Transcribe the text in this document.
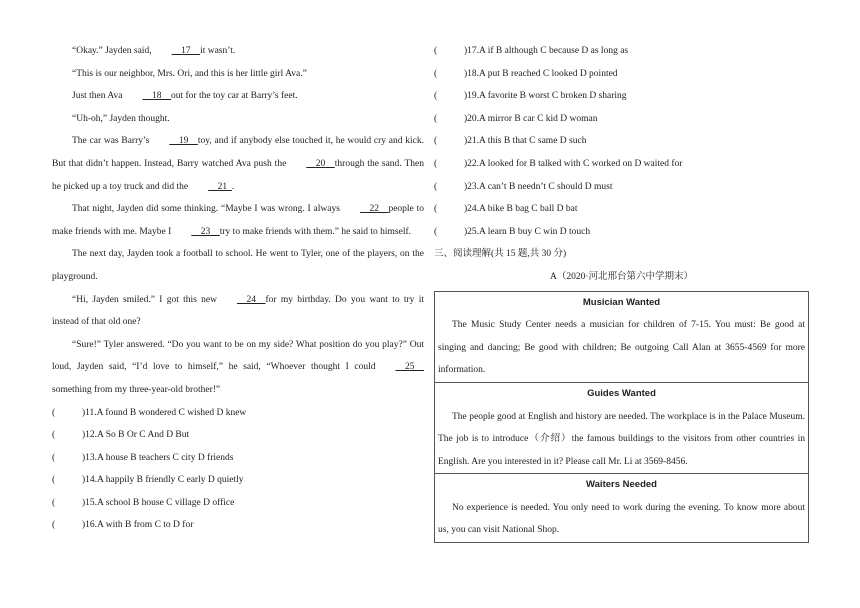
“Okay.” Jayden said,	17 it wasn’t.

“This is our neighbor, Mrs. Ori, and this is her little girl Ava.”

Just then Ava	18 out for the toy car at Barry’s feet.

“Uh-oh,” Jayden thought.

The car was Barry’s	19 toy, and if anybody else touched it, he would cry and kick. But that didn’t happen. Instead, Barry watched Ava push the	20 through the sand. Then he picked up a toy truck and did the	21 .

That night, Jayden did some thinking. “Maybe I was wrong. I always	22 people to make friends with me. Maybe I	23 try to make friends with them.” he said to himself.

The next day, Jayden took a football to school. He went to Tyler, one of the players, on the playground.

“Hi, Jayden smiled.” I got this new	24 for my birthday. Do you want to try it instead of that old one?

“Sure!” Tyler answered. “Do you want to be on my side? What position do you play?” Out loud, Jayden said, “I’d love to himself,” he said, “Whoever thought I could	25    something from my three-year-old brother!”

(	)11.A found B wondered C wished D knew
(	)12.A So B Or C And D But
(	)13.A house B teachers C city D friends
(	)14.A happily B friendly C early D quietly
(	)15.A school B house C village D office
(	)16.A with B from C to D for
(	)17.A if B although C because D as long as
(	)18.A put B reached C looked D pointed
(	)19.A favorite B worst C broken D sharing
(	)20.A mirror B car C kid D woman
(	)21.A this B that C same D such
(	)22.A looked for B talked with C worked on D waited for
(	)23.A can’t B needn’t C should D must
(	)24.A bike B bag C ball D bat
(	)25.A learn B buy C win D touch
三、阅读理解(共 15 题,共 30 分)
A（2020·河北邢台第六中学期末）
Musician Wanted

The Music Study Center needs a musician for children of 7-15. You must: Be good at singing and dancing; Be good with children; Be outgoing Call Alan at 3655-4569 for more information.

Guides Wanted

The people good at English and history are needed. The workplace is in the Palace Museum. The job is to introduce（介绍）the famous buildings to the visitors from other countries in English. Are you interested in it? Please call Mr. Li at 3569-8456.

Waiters Needed

No experience is needed. You only need to work during the evening. To know more about us, you can visit National Shop.
